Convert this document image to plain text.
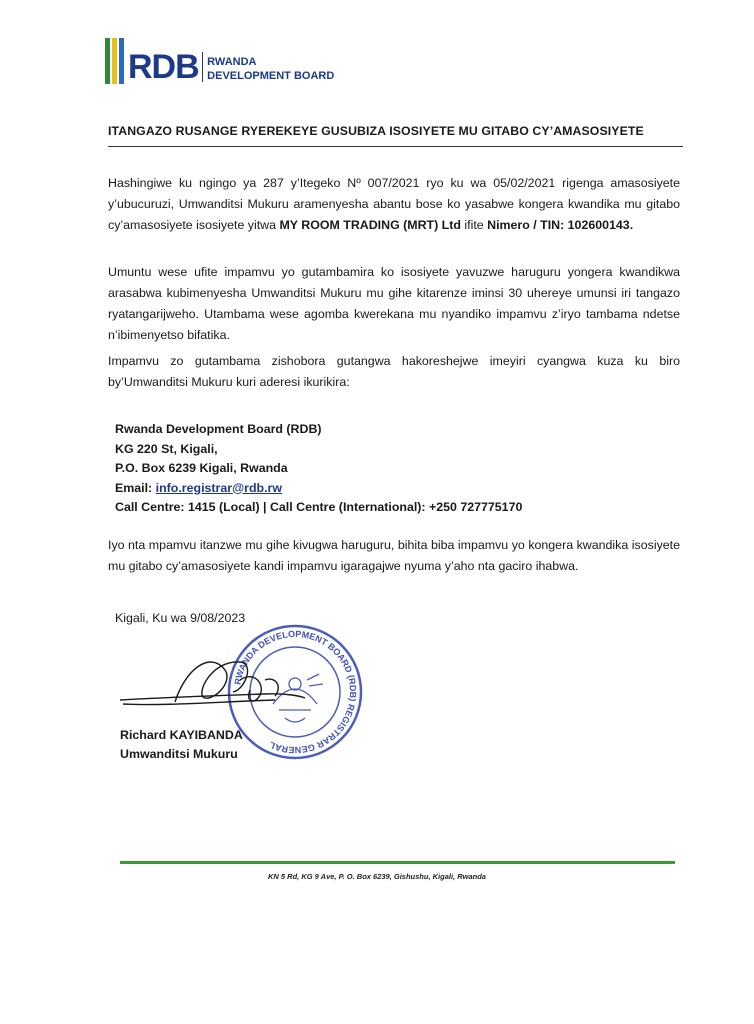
RDB RWANDA
DEVELOPMENT BOARD
ITANGAZO RUSANGE RYEREKEYE GUSUBIZA ISOSIYETE MU GITABO CY’AMASOSIYETE
Hashingiwe ku ngingo ya 287 y’Itegeko Nº 007/2021 ryo ku wa 05/02/2021 rigenga amasosiyete y’ubucuruzi, Umwanditsi Mukuru aramenyesha abantu bose ko yasabwe kongera kwandika mu gitabo cy’amasosiyete isosiyete yitwa MY ROOM TRADING (MRT) Ltd ifite Nimero / TIN: 102600143.
Umuntu wese ufite impamvu yo gutambamira ko isosiyete yavuzwe haruguru yongera kwandikwa arasabwa kubimenyesha Umwanditsi Mukuru mu gihe kitarenze iminsi 30 uhereye umunsi iri tangazo ryatangarijweho. Utambama wese agomba kwerekana mu nyandiko impamvu z’iryo tambama ndetse n’ibimenyetso bifatika.
Impamvu zo gutambama zishobora gutangwa hakoreshejwe imeyiri cyangwa kuza ku biro by’Umwanditsi Mukuru kuri aderesi ikurikira:
Rwanda Development Board (RDB)
KG 220 St, Kigali,
P.O. Box 6239 Kigali, Rwanda
Email: info.registrar@rdb.rw
Call Centre: 1415 (Local) | Call Centre (International): +250 727775170
Iyo nta mpamvu itanzwe mu gihe kivugwa haruguru, bihita biba impamvu yo kongera kwandika isosiyete mu gitabo cy’amasosiyete kandi impamvu igaragajwe nyuma y’aho nta gaciro ihabwa.
Kigali, Ku wa 9/08/2023
RWANDA DEVELOPMENT BOARD (RDB) REGISTRAR GENERAL
Richard KAYIBANDA
Umwanditsi Mukuru
KN 5 Rd, KG 9 Ave, P. O. Box 6239, Gishushu, Kigali, Rwanda
